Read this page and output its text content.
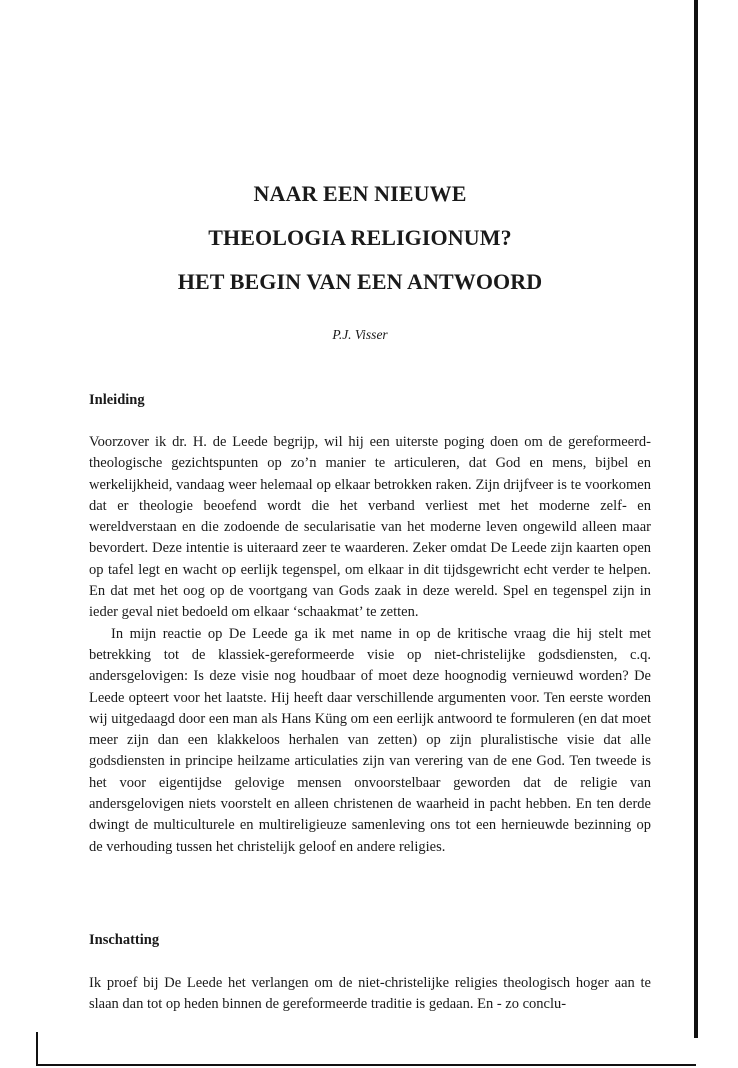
NAAR EEN NIEUWE
THEOLOGIA RELIGIONUM?
HET BEGIN VAN EEN ANTWOORD

P.J. Visser

Inleiding

Voorzover ik dr. H. de Leede begrijp, wil hij een uiterste poging doen om de gereformeerd-theologische gezichtspunten op zo’n manier te articuleren, dat God en mens, bijbel en werkelijkheid, vandaag weer helemaal op elkaar betrokken raken. Zijn drijfveer is te voorkomen dat er theologie beoefend wordt die het verband verliest met het moderne zelf- en wereldverstaan en die zodoende de secularisatie van het moderne leven ongewild alleen maar bevordert. Deze intentie is uiteraard zeer te waarderen. Zeker omdat De Leede zijn kaarten open op tafel legt en wacht op eerlijk tegenspel, om elkaar in dit tijdsgewricht echt verder te helpen. En dat met het oog op de voortgang van Gods zaak in deze wereld. Spel en tegenspel zijn in ieder geval niet bedoeld om elkaar ‘schaakmat’ te zetten.

In mijn reactie op De Leede ga ik met name in op de kritische vraag die hij stelt met betrekking tot de klassiek-gereformeerde visie op niet-christelijke godsdiensten, c.q. andersgelovigen: Is deze visie nog houdbaar of moet deze hoognodig vernieuwd worden? De Leede opteert voor het laatste. Hij heeft daar verschillende argumenten voor. Ten eerste worden wij uitgedaagd door een man als Hans Küng om een eerlijk antwoord te formuleren (en dat moet meer zijn dan een klakkeloos herhalen van zetten) op zijn pluralistische visie dat alle godsdiensten in principe heilzame articulaties zijn van verering van de ene God. Ten tweede is het voor eigentijdse gelovige mensen onvoorstelbaar geworden dat de religie van andersgelovigen niets voorstelt en alleen christenen de waarheid in pacht hebben. En ten derde dwingt de multiculturele en multireligieuze samenleving ons tot een hernieuwde bezinning op de verhouding tussen het christelijk geloof en andere religies.

Inschatting

Ik proef bij De Leede het verlangen om de niet-christelijke religies theologisch hoger aan te slaan dan tot op heden binnen de gereformeerde traditie is gedaan. En - zo conclu-
